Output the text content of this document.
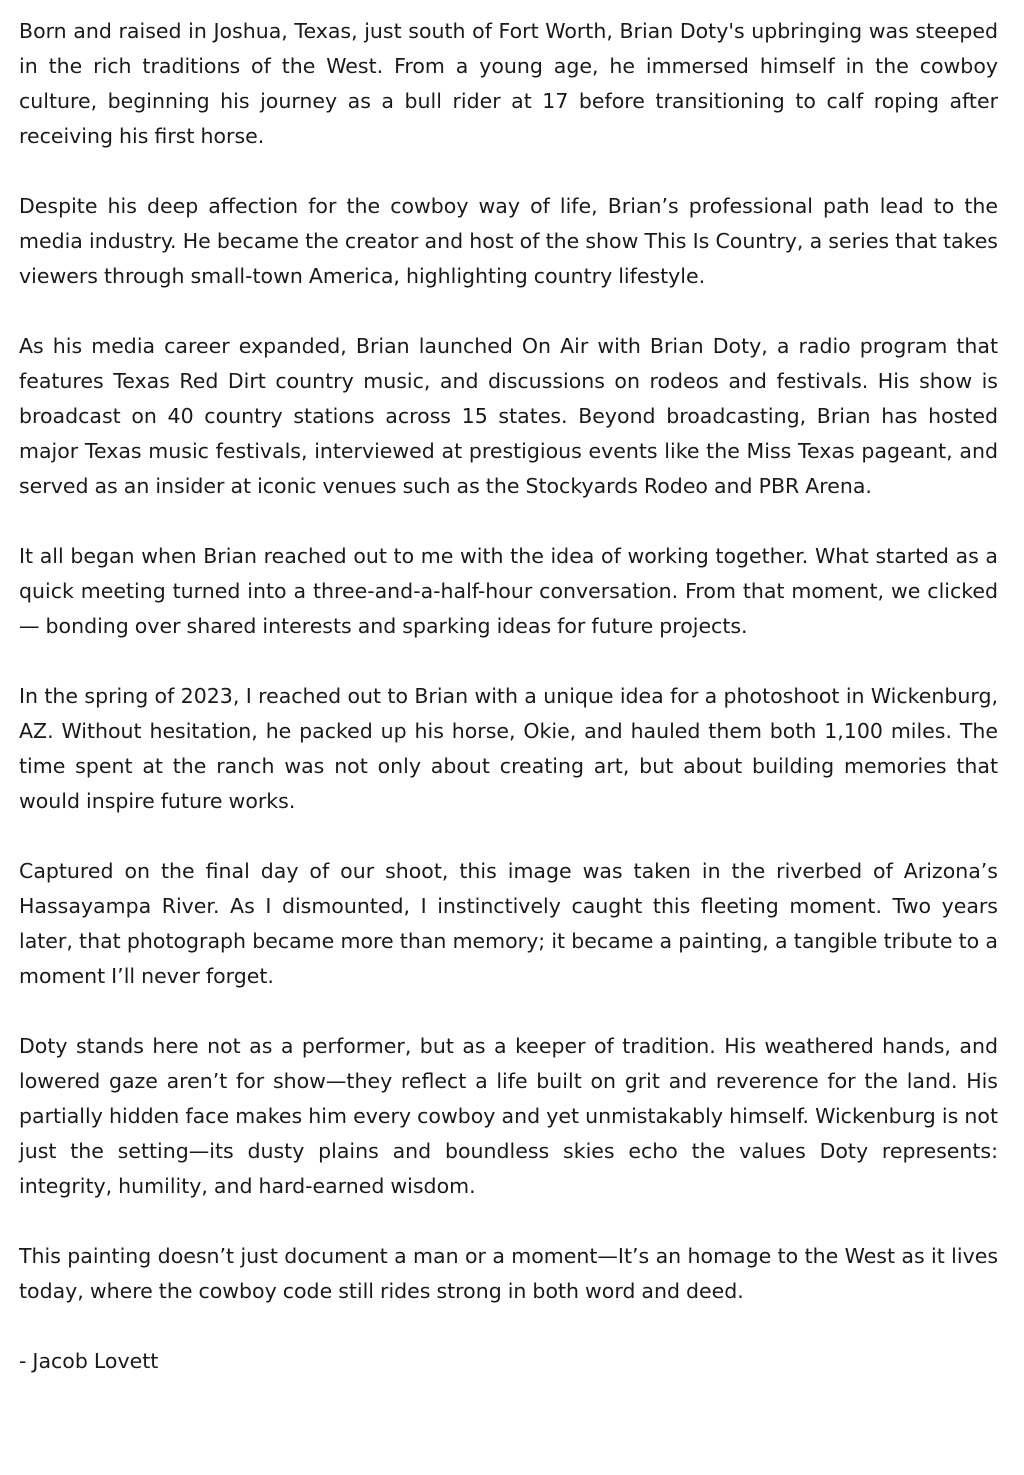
Born and raised in Joshua, Texas, just south of Fort Worth, Brian Doty's upbringing was steeped in the rich traditions of the West. From a young age, he immersed himself in the cowboy culture, beginning his journey as a bull rider at 17 before transitioning to calf roping after receiving his first horse.

Despite his deep affection for the cowboy way of life, Brian’s professional path lead to the media industry. He became the creator and host of the show This Is Country, a series that takes viewers through small-town America, highlighting country lifestyle.

As his media career expanded, Brian launched On Air with Brian Doty, a radio program that features Texas Red Dirt country music, and discussions on rodeos and festivals. His show is broadcast on 40 country stations across 15 states. Beyond broadcasting, Brian has hosted major Texas music festivals, interviewed at prestigious events like the Miss Texas pageant, and served as an insider at iconic venues such as the Stockyards Rodeo and PBR Arena.

It all began when Brian reached out to me with the idea of working together. What started as a quick meeting turned into a three-and-a-half-hour conversation. From that moment, we clicked — bonding over shared interests and sparking ideas for future projects.

In the spring of 2023, I reached out to Brian with a unique idea for a photoshoot in Wickenburg, AZ. Without hesitation, he packed up his horse, Okie, and hauled them both 1,100 miles. The time spent at the ranch was not only about creating art, but about building memories that would inspire future works.

Captured on the final day of our shoot, this image was taken in the riverbed of Arizona’s Hassayampa River. As I dismounted, I instinctively caught this fleeting moment. Two years later, that photograph became more than memory; it became a painting, a tangible tribute to a moment I’ll never forget.

Doty stands here not as a performer, but as a keeper of tradition. His weathered hands, and lowered gaze aren’t for show—they reflect a life built on grit and reverence for the land. His partially hidden face makes him every cowboy and yet unmistakably himself. Wickenburg is not just the setting—its dusty plains and boundless skies echo the values Doty represents: integrity, humility, and hard-earned wisdom.

This painting doesn’t just document a man or a moment—It’s an homage to the West as it lives today, where the cowboy code still rides strong in both word and deed.

- Jacob Lovett
